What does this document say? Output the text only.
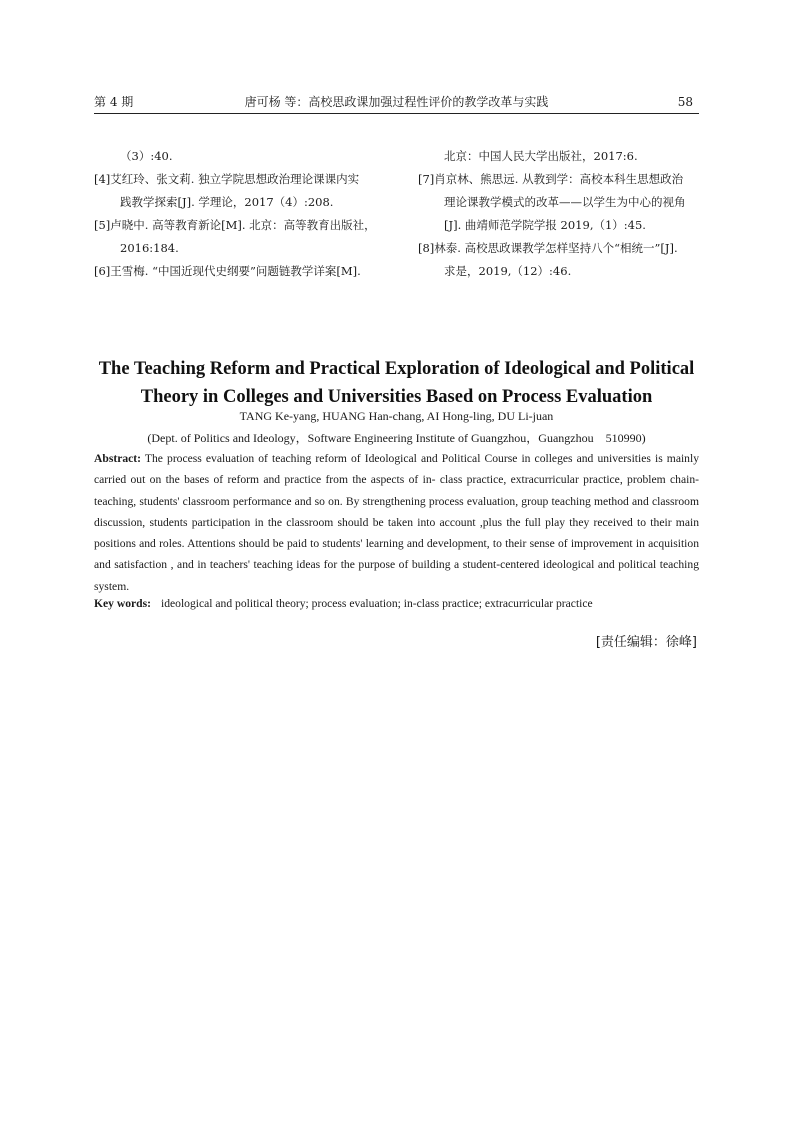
第 4 期	唐可杨 等：高校思政课加强过程性评价的教学改革与实践	58
（3）:40.
[4]艾红玲、张文莉. 独立学院思想政治理论课课内实
践教学探索[J]. 学理论，2017（4）:208.
[5]卢晓中. 高等教育新论[M]. 北京：高等教育出版社，
2016:184.
[6]王雪梅. “中国近现代史纲要”问题链教学详案[M].
北京：中国人民大学出版社，2017:6.
[7]肖京林、熊思远. 从教到学：高校本科生思想政治
理论课教学模式的改革——以学生为中心的视角
[J]. 曲靖师范学院学报 2019,（1）:45.
[8]林泰. 高校思政课教学怎样坚持八个“相统一”[J].
求是，2019,（12）:46.
The Teaching Reform and Practical Exploration of Ideological and Political
Theory in Colleges and Universities Based on Process Evaluation
TANG Ke-yang, HUANG Han-chang, AI Hong-ling, DU Li-juan
(Dept. of Politics and Ideology，Software Engineering Institute of Guangzhou，Guangzhou　510990)
Abstract: The process evaluation of teaching reform of Ideological and Political Course in colleges and universities is mainly carried out on the bases of reform and practice from the aspects of in- class practice, extracurricular practice, problem chain- teaching, students' classroom performance and so on. By strengthening process evaluation, group teaching method and classroom discussion, students participation in the classroom should be taken into account ,plus the full play they received to their main positions and roles. Attentions should be paid to students' learning and development, to their sense of improvement in acquisition and satisfaction , and in teachers' teaching ideas for the purpose of building a student-centered ideological and political teaching system.
Key words: ideological and political theory; process evaluation; in-class practice; extracurricular practice
[责任编辑：徐峰]
